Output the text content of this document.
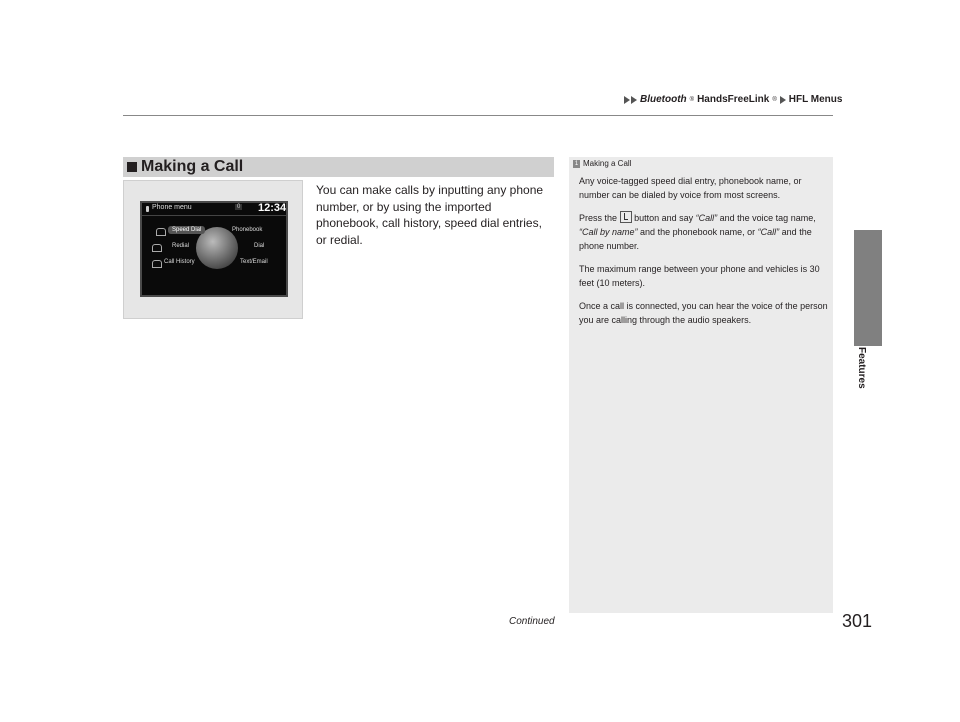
Bluetooth ® HandsFreeLink ® HFL Menus
Features
Making a Call
Phone menu	0 12:34
Speed Dial	Phonebook
Redial	Dial
Call History	Text/Email
You can make calls by inputting any phone number, or by using the imported phonebook, call history, speed dial entries, or redial.
1 Making a Call

Any voice-tagged speed dial entry, phonebook name, or number can be dialed by voice from most screens.

Press the button and say “Call” and the voice tag name, “Call by name” and the phonebook name, or “Call” and the phone number.

The maximum range between your phone and vehicles is 30 feet (10 meters).

Once a call is connected, you can hear the voice of the person you are calling through the audio speakers.

Continued	301
